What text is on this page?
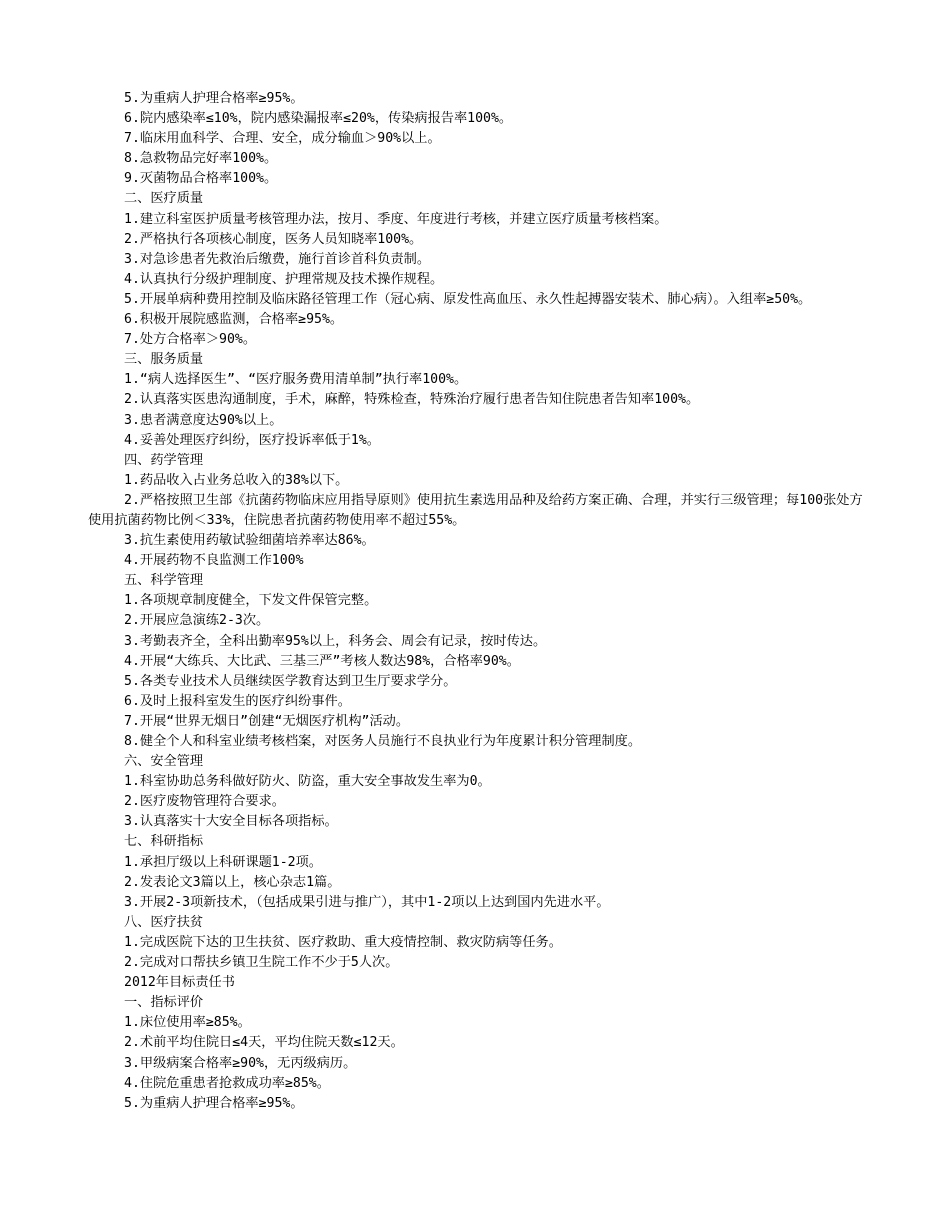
5.为重病人护理合格率≥95%。

6.院内感染率≤10%，院内感染漏报率≤20%，传染病报告率100%。

7.临床用血科学、合理、安全，成分输血＞90%以上。

8.急救物品完好率100%。

9.灭菌物品合格率100%。

二、医疗质量

1.建立科室医护质量考核管理办法，按月、季度、年度进行考核，并建立医疗质量考核档案。

2.严格执行各项核心制度，医务人员知晓率100%。

3.对急诊患者先救治后缴费，施行首诊首科负责制。

4.认真执行分级护理制度、护理常规及技术操作规程。

5.开展单病种费用控制及临床路径管理工作（冠心病、原发性高血压、永久性起搏器安装术、肺心病）。入组率≥50%。

6.积极开展院感监测，合格率≥95%。

7.处方合格率＞90%。

三、服务质量

1.“病人选择医生”、“医疗服务费用清单制”执行率100%。

2.认真落实医患沟通制度，手术，麻醉，特殊检查，特殊治疗履行患者告知住院患者告知率100%。

3.患者满意度达90%以上。

4.妥善处理医疗纠纷，医疗投诉率低于1%。

四、药学管理

1.药品收入占业务总收入的38%以下。

2.严格按照卫生部《抗菌药物临床应用指导原则》使用抗生素选用品种及给药方案正确、合理，并实行三级管理；每100张处方使用抗菌药物比例＜33%，住院患者抗菌药物使用率不超过55%。

3.抗生素使用药敏试验细菌培养率达86%。

4.开展药物不良监测工作100%

五、科学管理

1.各项规章制度健全，下发文件保管完整。

2.开展应急演练2-3次。

3.考勤表齐全，全科出勤率95%以上，科务会、周会有记录，按时传达。

4.开展“大练兵、大比武、三基三严”考核人数达98%，合格率90%。

5.各类专业技术人员继续医学教育达到卫生厅要求学分。

6.及时上报科室发生的医疗纠纷事件。

7.开展“世界无烟日”创建“无烟医疗机构”活动。

8.健全个人和科室业绩考核档案，对医务人员施行不良执业行为年度累计积分管理制度。

六、安全管理

1.科室协助总务科做好防火、防盗，重大安全事故发生率为0。

2.医疗废物管理符合要求。

3.认真落实十大安全目标各项指标。

七、科研指标

1.承担厅级以上科研课题1-2项。

2.发表论文3篇以上，核心杂志1篇。

3.开展2-3项新技术，（包括成果引进与推广），其中1-2项以上达到国内先进水平。

八、医疗扶贫

1.完成医院下达的卫生扶贫、医疗救助、重大疫情控制、救灾防病等任务。

2.完成对口帮扶乡镇卫生院工作不少于5人次。

2012年目标责任书

一、指标评价

1.床位使用率≥85%。

2.术前平均住院日≤4天，平均住院天数≤12天。

3.甲级病案合格率≥90%，无丙级病历。

4.住院危重患者抢救成功率≥85%。

5.为重病人护理合格率≥95%。
